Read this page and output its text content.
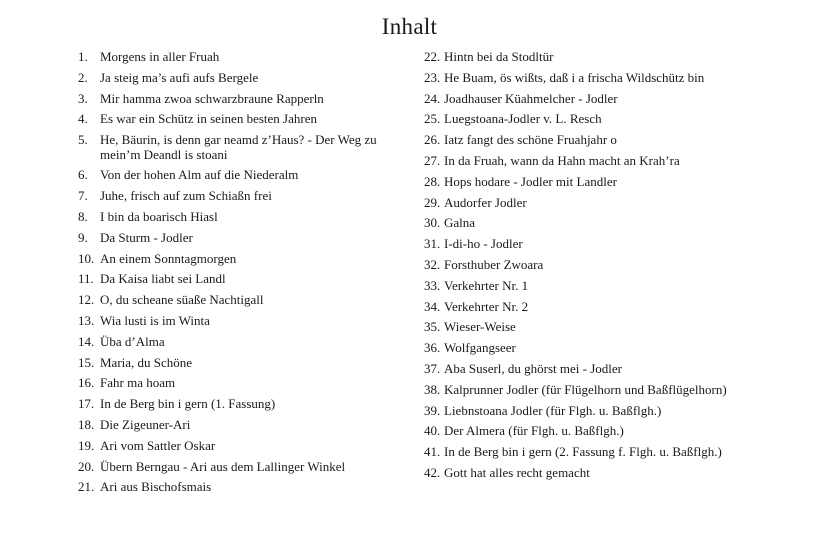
Inhalt
1. Morgens in aller Fruah
2. Ja steig ma’s aufi aufs Bergele
3. Mir hamma zwoa schwarzbraune Rapperln
4. Es war ein Schütz in seinen besten Jahren
5. He, Bäurin, is denn gar neamd z’Haus? - Der Weg zu mein’m Deandl is stoani
6. Von der hohen Alm auf die Niederalm
7. Juhe, frisch auf zum Schiaßn frei
8. I bin da boarisch Hiasl
9. Da Sturm - Jodler
10. An einem Sonntagmorgen
11. Da Kaisa liabt sei Landl
12. O, du scheane süaße Nachtigall
13. Wia lusti is im Winta
14. Üba d’Alma
15. Maria, du Schöne
16. Fahr ma hoam
17. In de Berg bin i gern (1. Fassung)
18. Die Zigeuner-Ari
19. Ari vom Sattler Oskar
20. Übern Berngau - Ari aus dem Lallinger Winkel
21. Ari aus Bischofsmais
22. Hintn bei da Stodltür
23. He Buam, ös wißts, daß i a frischa Wildschütz bin
24. Joadhauser Küahmelcher - Jodler
25. Luegstoana-Jodler v. L. Resch
26. Iatz fangt des schöne Fruahjahr o
27. In da Fruah, wann da Hahn macht an Krah’ra
28. Hops hodare - Jodler mit Landler
29. Audorfer Jodler
30. Galna
31. I-di-ho - Jodler
32. Forsthuber Zwoara
33. Verkehrter Nr. 1
34. Verkehrter Nr. 2
35. Wieser-Weise
36. Wolfgangseer
37. Aba Suserl, du ghörst mei - Jodler
38. Kalprunner Jodler (für Flügelhorn und Baßflügelhorn)
39. Liebnstoana Jodler (für Flgh. u. Baßflgh.)
40. Der Almera (für Flgh. u. Baßflgh.)
41. In de Berg bin i gern (2. Fassung f. Flgh. u. Baßflgh.)
42. Gott hat alles recht gemacht
